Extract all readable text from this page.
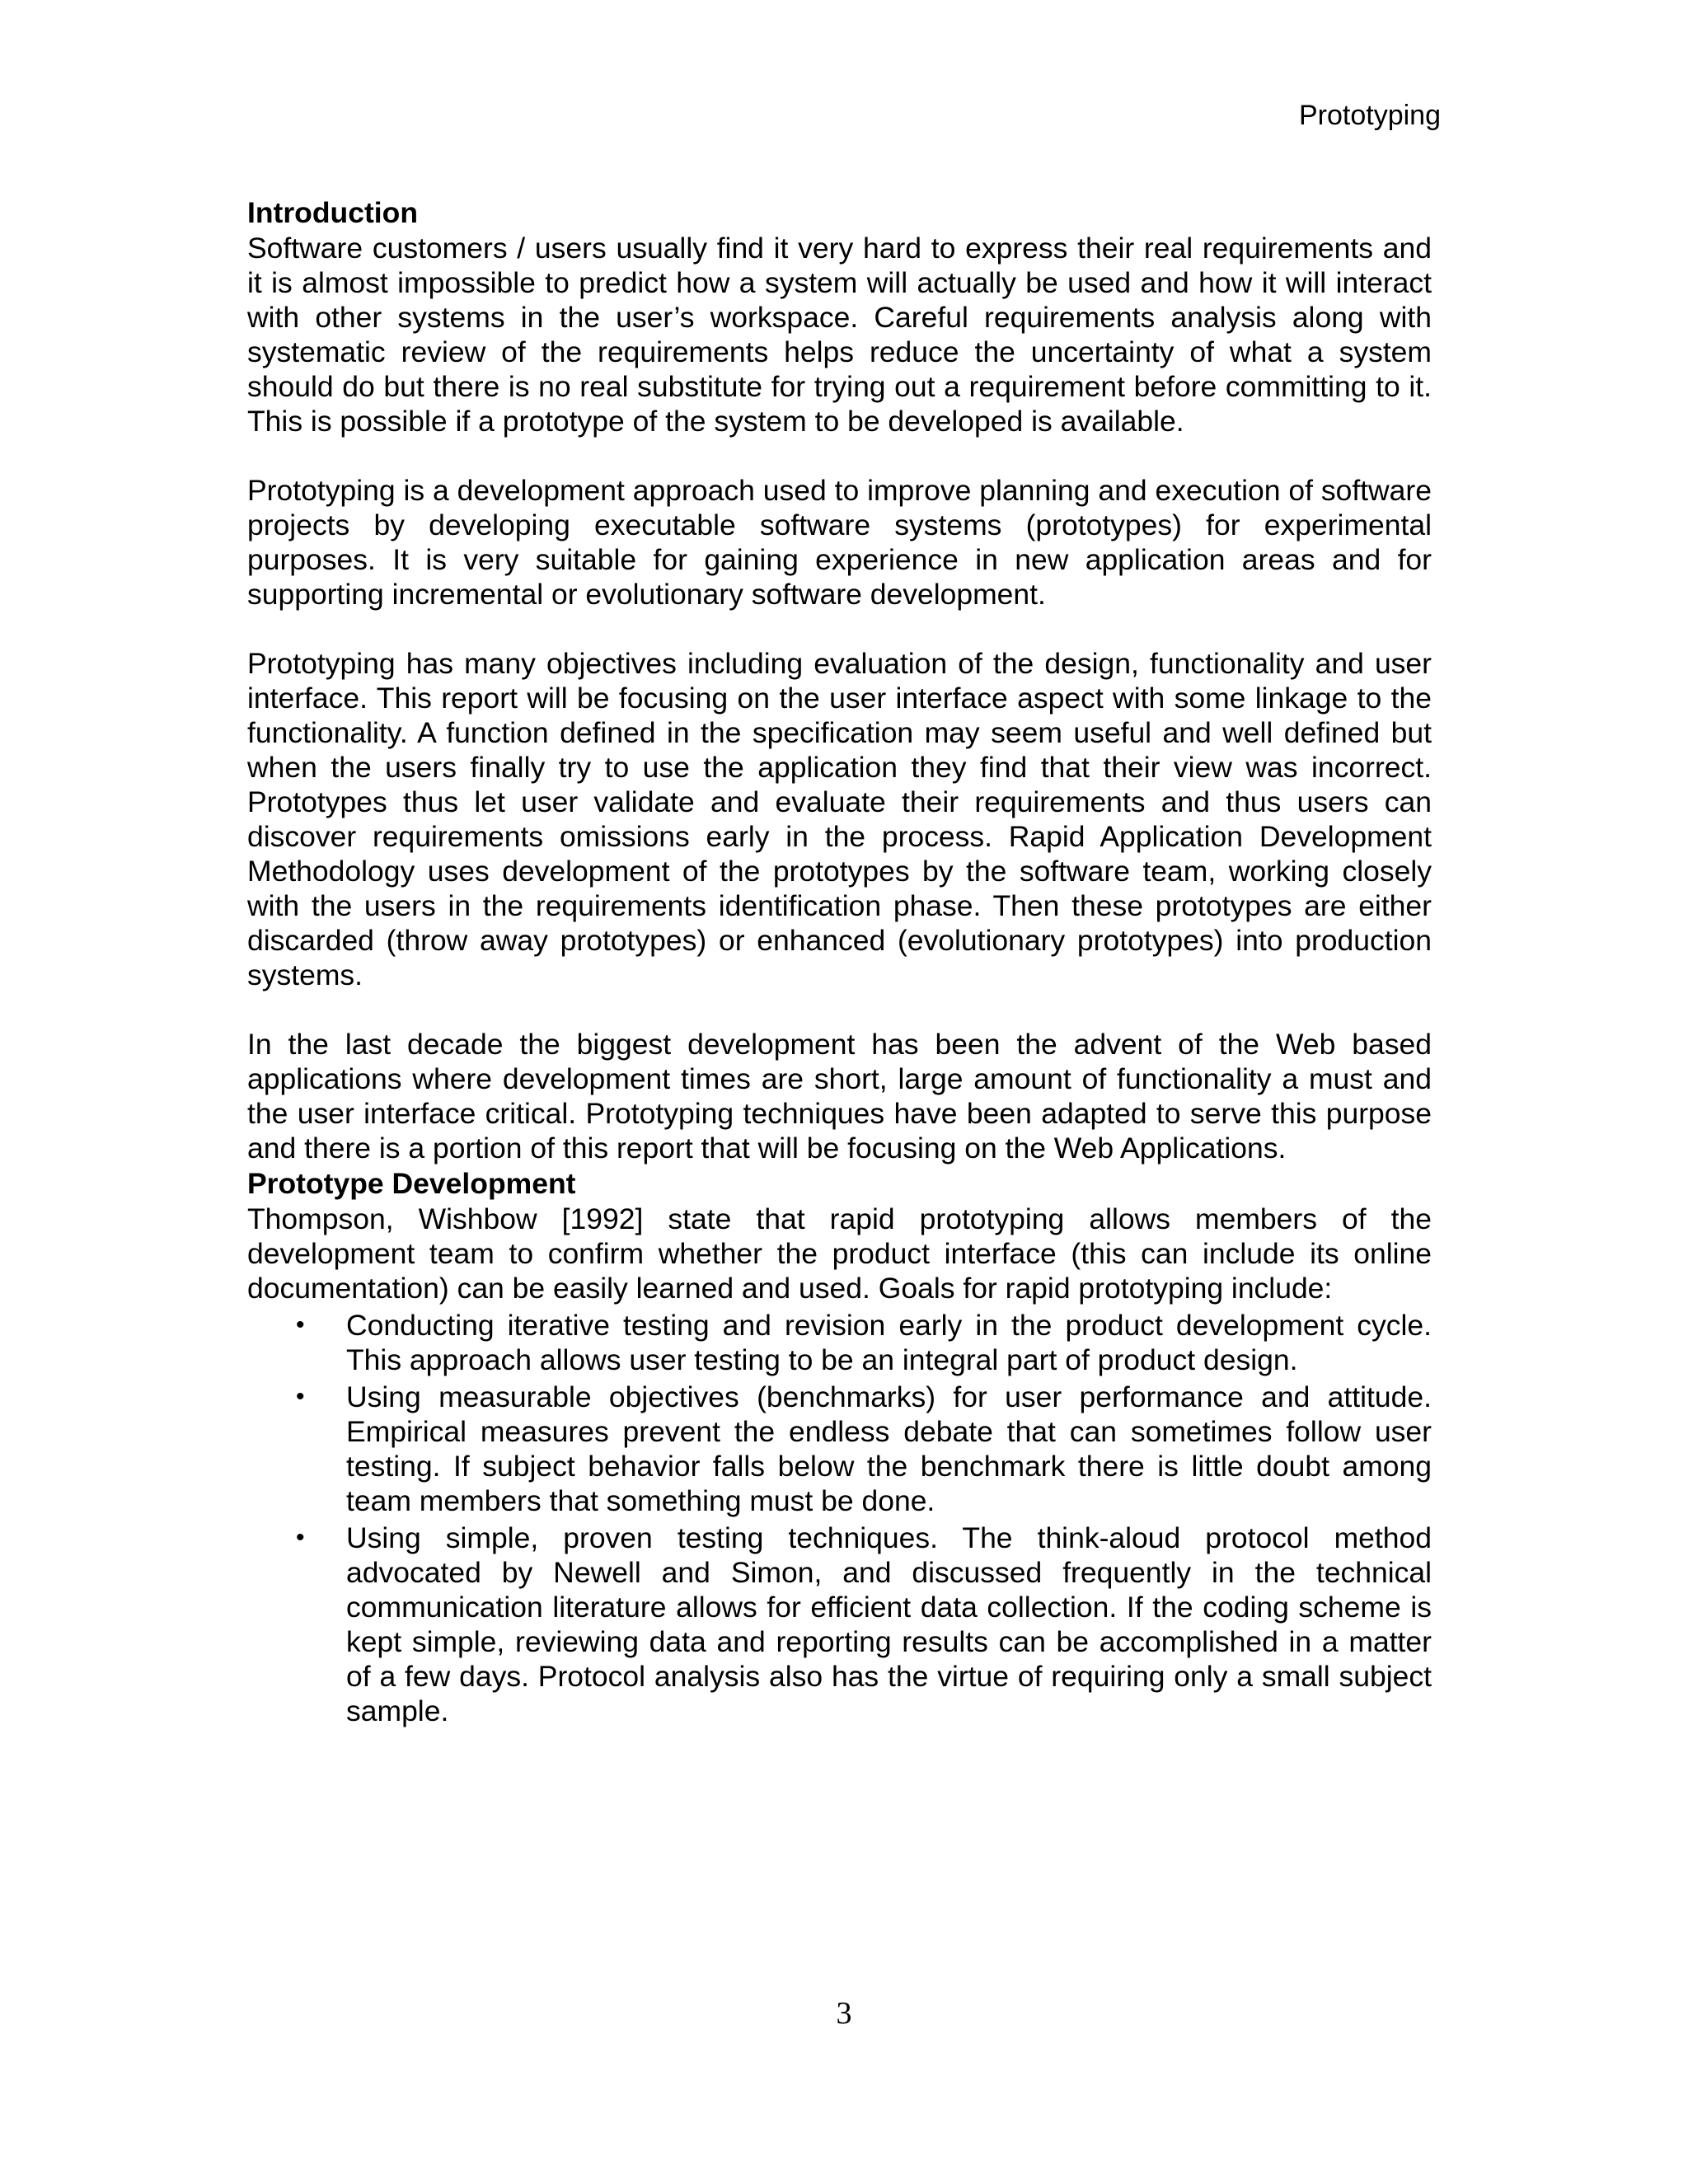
Prototyping
Introduction

Software customers / users usually find it very hard to express their real requirements and it is almost impossible to predict how a system will actually be used and how it will interact with other systems in the user’s workspace. Careful requirements analysis along with systematic review of the requirements helps reduce the uncertainty of what a system should do but there is no real substitute for trying out a requirement before committing to it. This is possible if a prototype of the system to be developed is available.

Prototyping is a development approach used to improve planning and execution of software projects by developing executable software systems (prototypes) for experimental purposes. It is very suitable for gaining experience in new application areas and for supporting incremental or evolutionary software development.

Prototyping has many objectives including evaluation of the design, functionality and user interface. This report will be focusing on the user interface aspect with some linkage to the functionality. A function defined in the specification may seem useful and well defined but when the users finally try to use the application they find that their view was incorrect. Prototypes thus let user validate and evaluate their requirements and thus users can discover requirements omissions early in the process. Rapid Application Development Methodology uses development of the prototypes by the software team, working closely with the users in the requirements identification phase. Then these prototypes are either discarded (throw away prototypes) or enhanced (evolutionary prototypes) into production systems.

In the last decade the biggest development has been the advent of the Web based applications where development times are short, large amount of functionality a must and the user interface critical. Prototyping techniques have been adapted to serve this purpose and there is a portion of this report that will be focusing on the Web Applications.

Prototype Development

Thompson, Wishbow [1992] state that rapid prototyping allows members of the development team to confirm whether the product interface (this can include its online documentation) can be easily learned and used. Goals for rapid prototyping include:

• Conducting iterative testing and revision early in the product development cycle. This approach allows user testing to be an integral part of product design.
• Using measurable objectives (benchmarks) for user performance and attitude. Empirical measures prevent the endless debate that can sometimes follow user testing. If subject behavior falls below the benchmark there is little doubt among team members that something must be done.
• Using simple, proven testing techniques. The think-aloud protocol method advocated by Newell and Simon, and discussed frequently in the technical communication literature allows for efficient data collection. If the coding scheme is kept simple, reviewing data and reporting results can be accomplished in a matter of a few days. Protocol analysis also has the virtue of requiring only a small subject sample.
3
